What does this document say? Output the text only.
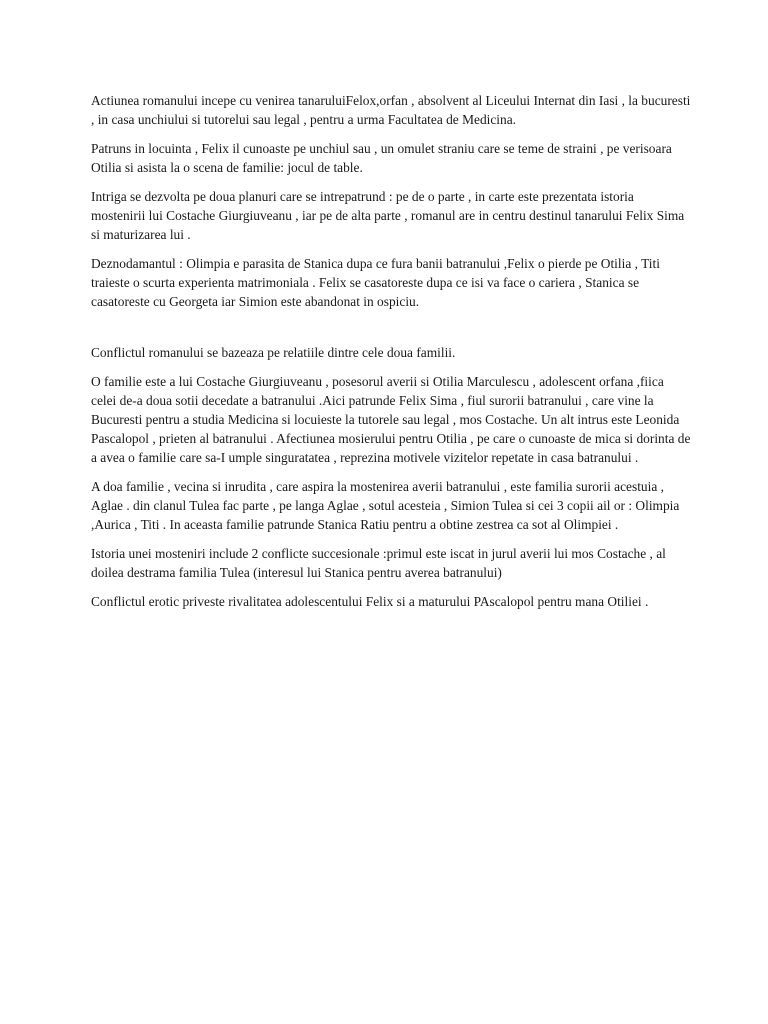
Actiunea romanului incepe cu venirea tanaruluiFelox,orfan , absolvent al Liceului Internat din Iasi , la bucuresti , in casa unchiului si tutorelui sau legal , pentru a urma Facultatea de Medicina.

Patruns in locuinta , Felix il cunoaste pe unchiul sau , un omulet straniu care se teme de straini , pe verisoara Otilia si asista la o scena de familie: jocul de table.

Intriga se dezvolta pe doua planuri care se intrepatrund : pe de o parte , in carte este prezentata istoria mostenirii lui Costache Giurgiuveanu , iar pe de alta parte , romanul are in centru destinul tanarului Felix Sima si maturizarea lui .

Deznodamantul : Olimpia e parasita de Stanica dupa ce fura banii batranului ,Felix o pierde pe Otilia , Titi traieste o scurta experienta matrimoniala . Felix se casatoreste dupa ce isi va face o cariera , Stanica se casatoreste cu Georgeta iar Simion este abandonat in ospiciu.

Conflictul romanului se bazeaza pe relatiile dintre cele doua familii.

O familie este a lui Costache Giurgiuveanu , posesorul averii si Otilia Marculescu , adolescent orfana ,fiica celei de-a doua sotii decedate a batranului .Aici patrunde Felix Sima , fiul surorii batranului , care vine la Bucuresti pentru a studia Medicina si locuieste la tutorele sau legal , mos Costache. Un alt intrus este Leonida Pascalopol , prieten al batranului . Afectiunea mosierului pentru Otilia , pe care o cunoaste de mica si dorinta de a avea o familie care sa-I umple singuratatea , reprezina motivele vizitelor repetate in casa batranului .

A doa familie , vecina si inrudita , care aspira la mostenirea averii batranului , este familia surorii acestuia , Aglae . din clanul Tulea fac parte , pe langa Aglae , sotul acesteia , Simion Tulea si cei 3 copii ail or : Olimpia ,Aurica , Titi . In aceasta familie patrunde Stanica Ratiu pentru a obtine zestrea ca sot al Olimpiei .

Istoria unei mosteniri include 2 conflicte succesionale :primul este iscat in jurul averii lui mos Costache , al doilea destrama familia Tulea (interesul lui Stanica pentru averea batranului)

Conflictul erotic priveste rivalitatea adolescentului Felix si a maturului PAscalopol pentru mana Otiliei .
